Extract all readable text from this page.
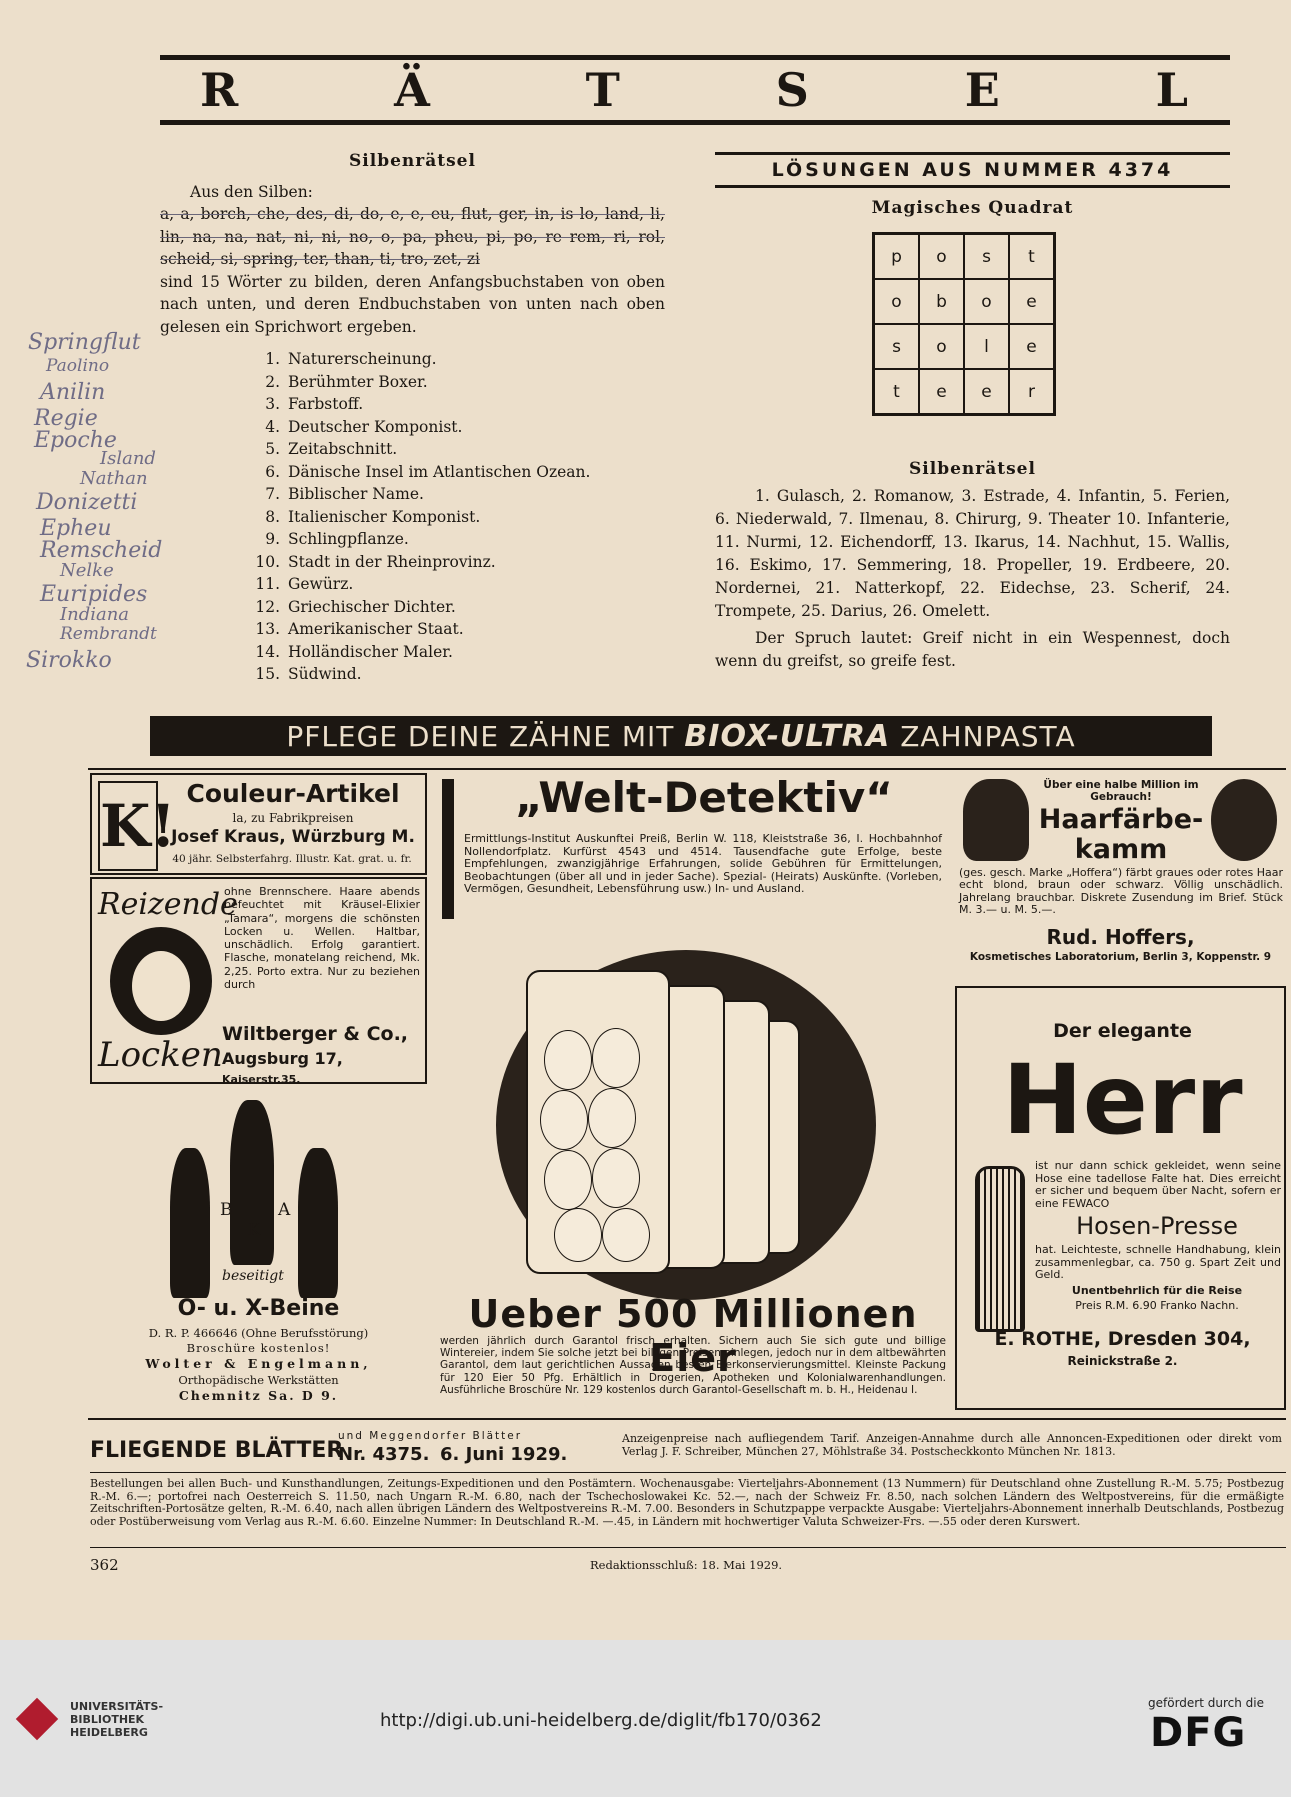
R	Ä	T	S	E	L
Silbenrätsel

Aus den Silben:

a, a, borch, che, des, di, do, e, e, eu, flut, ger, in, is lo, land, li, lin, na, na, nat, ni, ni, no, o, pa, pheu, pi, po, re rem, ri, rol, scheid, si, spring, ter, than, ti, tro, zet, zi

sind 15 Wörter zu bilden, deren Anfangsbuchstaben von oben nach unten, und deren Endbuchstaben von unten nach oben gelesen ein Sprichwort ergeben.

1. Naturerscheinung.
2. Berühmter Boxer.
3. Farbstoff.
4. Deutscher Komponist.
5. Zeitabschnitt.
6. Dänische Insel im Atlantischen Ozean.
7. Biblischer Name.
8. Italienischer Komponist.
9. Schlingpflanze.
10. Stadt in der Rheinprovinz.
11. Gewürz.
12. Griechischer Dichter.
13. Amerikanischer Staat.
14. Holländischer Maler.
15. Südwind.
Springflut
Paolino
Anilin
Regie
Epoche
Island
Nathan
Donizetti
Epheu
Remscheid
Nelke
Euripides
Indiana
Rembrandt
Sirokko
LÖSUNGEN AUS NUMMER 4374
Magisches Quadrat
p	o	s	t
o	b	o	e
s	o	l	e
t	e	e	r
Silbenrätsel

1. Gulasch, 2. Romanow, 3. Estrade, 4. Infantin, 5. Ferien, 6. Niederwald, 7. Ilmenau, 8. Chirurg, 9. Theater 10. Infanterie, 11. Nurmi, 12. Eichendorff, 13. Ikarus, 14. Nachhut, 15. Wallis, 16. Eskimo, 17. Semmering, 18. Propeller, 19. Erdbeere, 20. Nordernei, 21. Natterkopf, 22. Eidechse, 23. Scherif, 24. Trompete, 25. Darius, 26. Omelett.

Der Spruch lautet: Greif nicht in ein Wespennest, doch wenn du greifst, so greife fest.

PFLEGE DEINE ZÄHNE MIT BIOX-ULTRA ZAHNPASTA
K! Couleur-Artikel
la, zu Fabrikpreisen
Josef Kraus, Würzburg M.
40 jähr. Selbsterfahrg. Illustr. Kat. grat. u. fr.
Reizende
Locken
ohne Brennschere. Haare abends befeuchtet mit Kräusel-Elixier „Tamara“, morgens die schönsten Locken u. Wellen. Haltbar, unschädlich. Erfolg garantiert. Flasche, monatelang reichend, Mk. 2,25. Porto extra. Nur zu beziehen durch
Wiltberger & Co.,
Augsburg 17, Kaiserstr.35.
B
K
A
beseitigt
O- u. X-Beine
D. R. P. 466646 (Ohne Berufsstörung)
Broschüre kostenlos!
Wolter & Engelmann,
Orthopädische Werkstätten
Chemnitz Sa. D 9.
„Welt-Detektiv“
Ermittlungs-Institut Auskunftei Preiß, Berlin W. 118, Kleiststraße 36, I. Hochbahnhof Nollendorfplatz. Kurfürst 4543 und 4514. Tausendfache gute Erfolge, beste Empfehlungen, zwanzigjährige Erfahrungen, solide Gebühren für Ermittelungen, Beobachtungen (über all und in jeder Sache). Spezial- (Heirats) Auskünfte. (Vorleben, Vermögen, Gesundheit, Lebensführung usw.) In- und Ausland.
Ueber 500 Millionen Eier
werden jährlich durch Garantol frisch erhalten. Sichern auch Sie sich gute und billige Wintereier, indem Sie solche jetzt bei billigen Preisen einlegen, jedoch nur in dem altbewährten Garantol, dem laut gerichtlichen Aussagen besten Eierkonservierungsmittel. Kleinste Packung für 120 Eier 50 Pfg. Erhältlich in Drogerien, Apotheken und Kolonialwarenhandlungen. Ausführliche Broschüre Nr. 129 kostenlos durch Garantol-Gesellschaft m. b. H., Heidenau I.
Über eine halbe Million im Gebrauch!
Haarfärbe-
kamm
(ges. gesch. Marke „Hoffera“) färbt graues oder rotes Haar echt blond, braun oder schwarz. Völlig unschädlich. Jahrelang brauchbar. Diskrete Zusendung im Brief. Stück M. 3.— u. M. 5.—.
Rud. Hoffers,
Kosmetisches Laboratorium, Berlin 3, Koppenstr. 9
Der elegante
Herr
ist nur dann schick gekleidet, wenn seine Hose eine tadellose Falte hat. Dies erreicht er sicher und bequem über Nacht, sofern er eine FEWACO
Hosen-Presse
hat. Leichteste, schnelle Handhabung, klein zusammenlegbar, ca. 750 g. Spart Zeit und Geld.
Unentbehrlich für die Reise
Preis R.M. 6.90 Franko Nachn.
E. ROTHE, Dresden 304,
Reinickstraße 2.
FLIEGENDE BLÄTTER
und Meggendorfer Blätter
Nr. 4375. 6. Juni 1929.
Anzeigenpreise nach aufliegendem Tarif. Anzeigen-Annahme durch alle Annoncen-Expeditionen oder direkt vom Verlag J. F. Schreiber, München 27, Möhlstraße 34. Postscheckkonto München Nr. 1813.
Bestellungen bei allen Buch- und Kunsthandlungen, Zeitungs-Expeditionen und den Postämtern. Wochenausgabe: Vierteljahrs-Abonnement (13 Nummern) für Deutschland ohne Zustellung R.-M. 5.75; Postbezug R.-M. 6.—; portofrei nach Oesterreich S. 11.50, nach Ungarn R.-M. 6.80, nach der Tschechoslowakei Kc. 52.—, nach der Schweiz Fr. 8.50, nach solchen Ländern des Weltpostvereins, für die ermäßigte Zeitschriften-Portosätze gelten, R.-M. 6.40, nach allen übrigen Ländern des Weltpostvereins R.-M. 7.00. Besonders in Schutzpappe verpackte Ausgabe: Vierteljahrs-Abonnement innerhalb Deutschlands, Postbezug oder Postüberweisung vom Verlag aus R.-M. 6.60. Einzelne Nummer: In Deutschland R.-M. —.45, in Ländern mit hochwertiger Valuta Schweizer-Frs. —.55 oder deren Kurswert.
362	Redaktionsschluß: 18. Mai 1929.
UNIVERSITÄTS-
BIBLIOTHEK
HEIDELBERG
http://digi.ub.uni-heidelberg.de/diglit/fb170/0362
gefördert durch die
DFG
